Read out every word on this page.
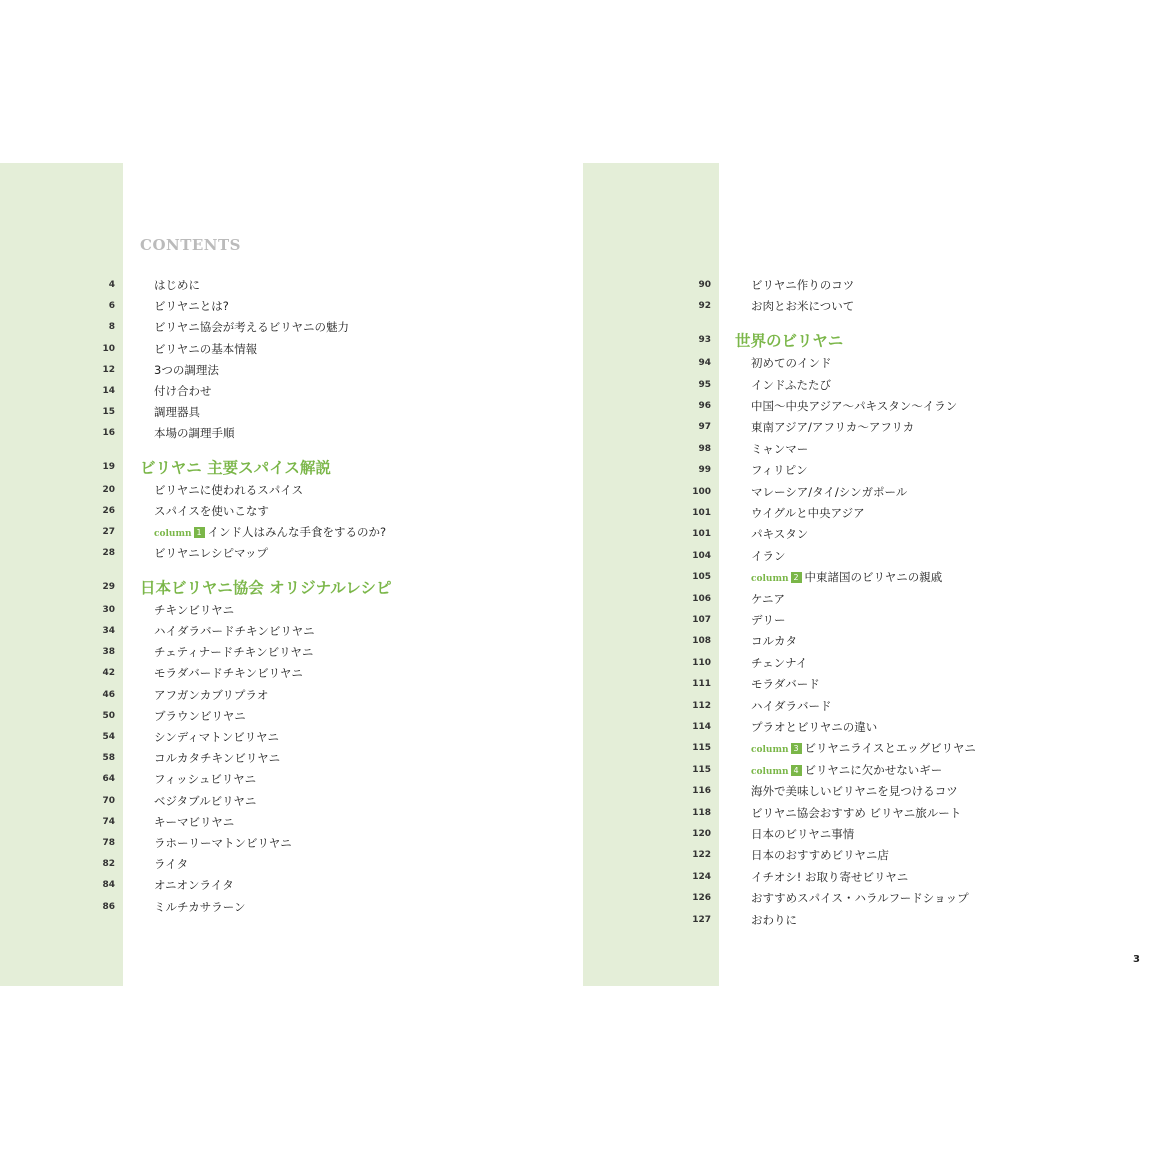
CONTENTS
4	はじめに
6	ビリヤニとは?
8	ビリヤニ協会が考えるビリヤニの魅力
10	ビリヤニの基本情報
12	3つの調理法
14	付け合わせ
15	調理器具
16	本場の調理手順
19 ビリヤニ 主要スパイス解説
20	ビリヤニに使われるスパイス
26	スパイスを使いこなす
27	column 1 インド人はみんな手食をするのか?
28	ビリヤニレシピマップ
29 日本ビリヤニ協会 オリジナルレシピ
30	チキンビリヤニ
34	ハイダラバードチキンビリヤニ
38	チェティナードチキンビリヤニ
42	モラダバードチキンビリヤニ
46	アフガンカブリプラオ
50	ブラウンビリヤニ
54	シンディマトンビリヤニ
58	コルカタチキンビリヤニ
64	フィッシュビリヤニ
70	ベジタブルビリヤニ
74	キーマビリヤニ
78	ラホーリーマトンビリヤニ
82	ライタ
84	オニオンライタ
86	ミルチカサラーン
90	ビリヤニ作りのコツ
92	お肉とお米について
93 世界のビリヤニ
94	初めてのインド
95	インドふたたび
96	中国〜中央アジア〜パキスタン〜イラン
97	東南アジア/アフリカ〜アフリカ
98	ミャンマー
99	フィリピン
100	マレーシア/タイ/シンガポール
101	ウイグルと中央アジア
101	パキスタン
104	イラン
105	column 2 中東諸国のビリヤニの親戚
106	ケニア
107	デリー
108	コルカタ
110	チェンナイ
111	モラダバード
112	ハイダラバード
114	プラオとビリヤニの違い
115	column 3 ビリヤニライスとエッグビリヤニ
115	column 4 ビリヤニに欠かせないギー
116	海外で美味しいビリヤニを見つけるコツ
118	ビリヤニ協会おすすめ ビリヤニ旅ルート
120	日本のビリヤニ事情
122	日本のおすすめビリヤニ店
124	イチオシ! お取り寄せビリヤニ
126	おすすめスパイス・ハラルフードショップ
127	おわりに
3
